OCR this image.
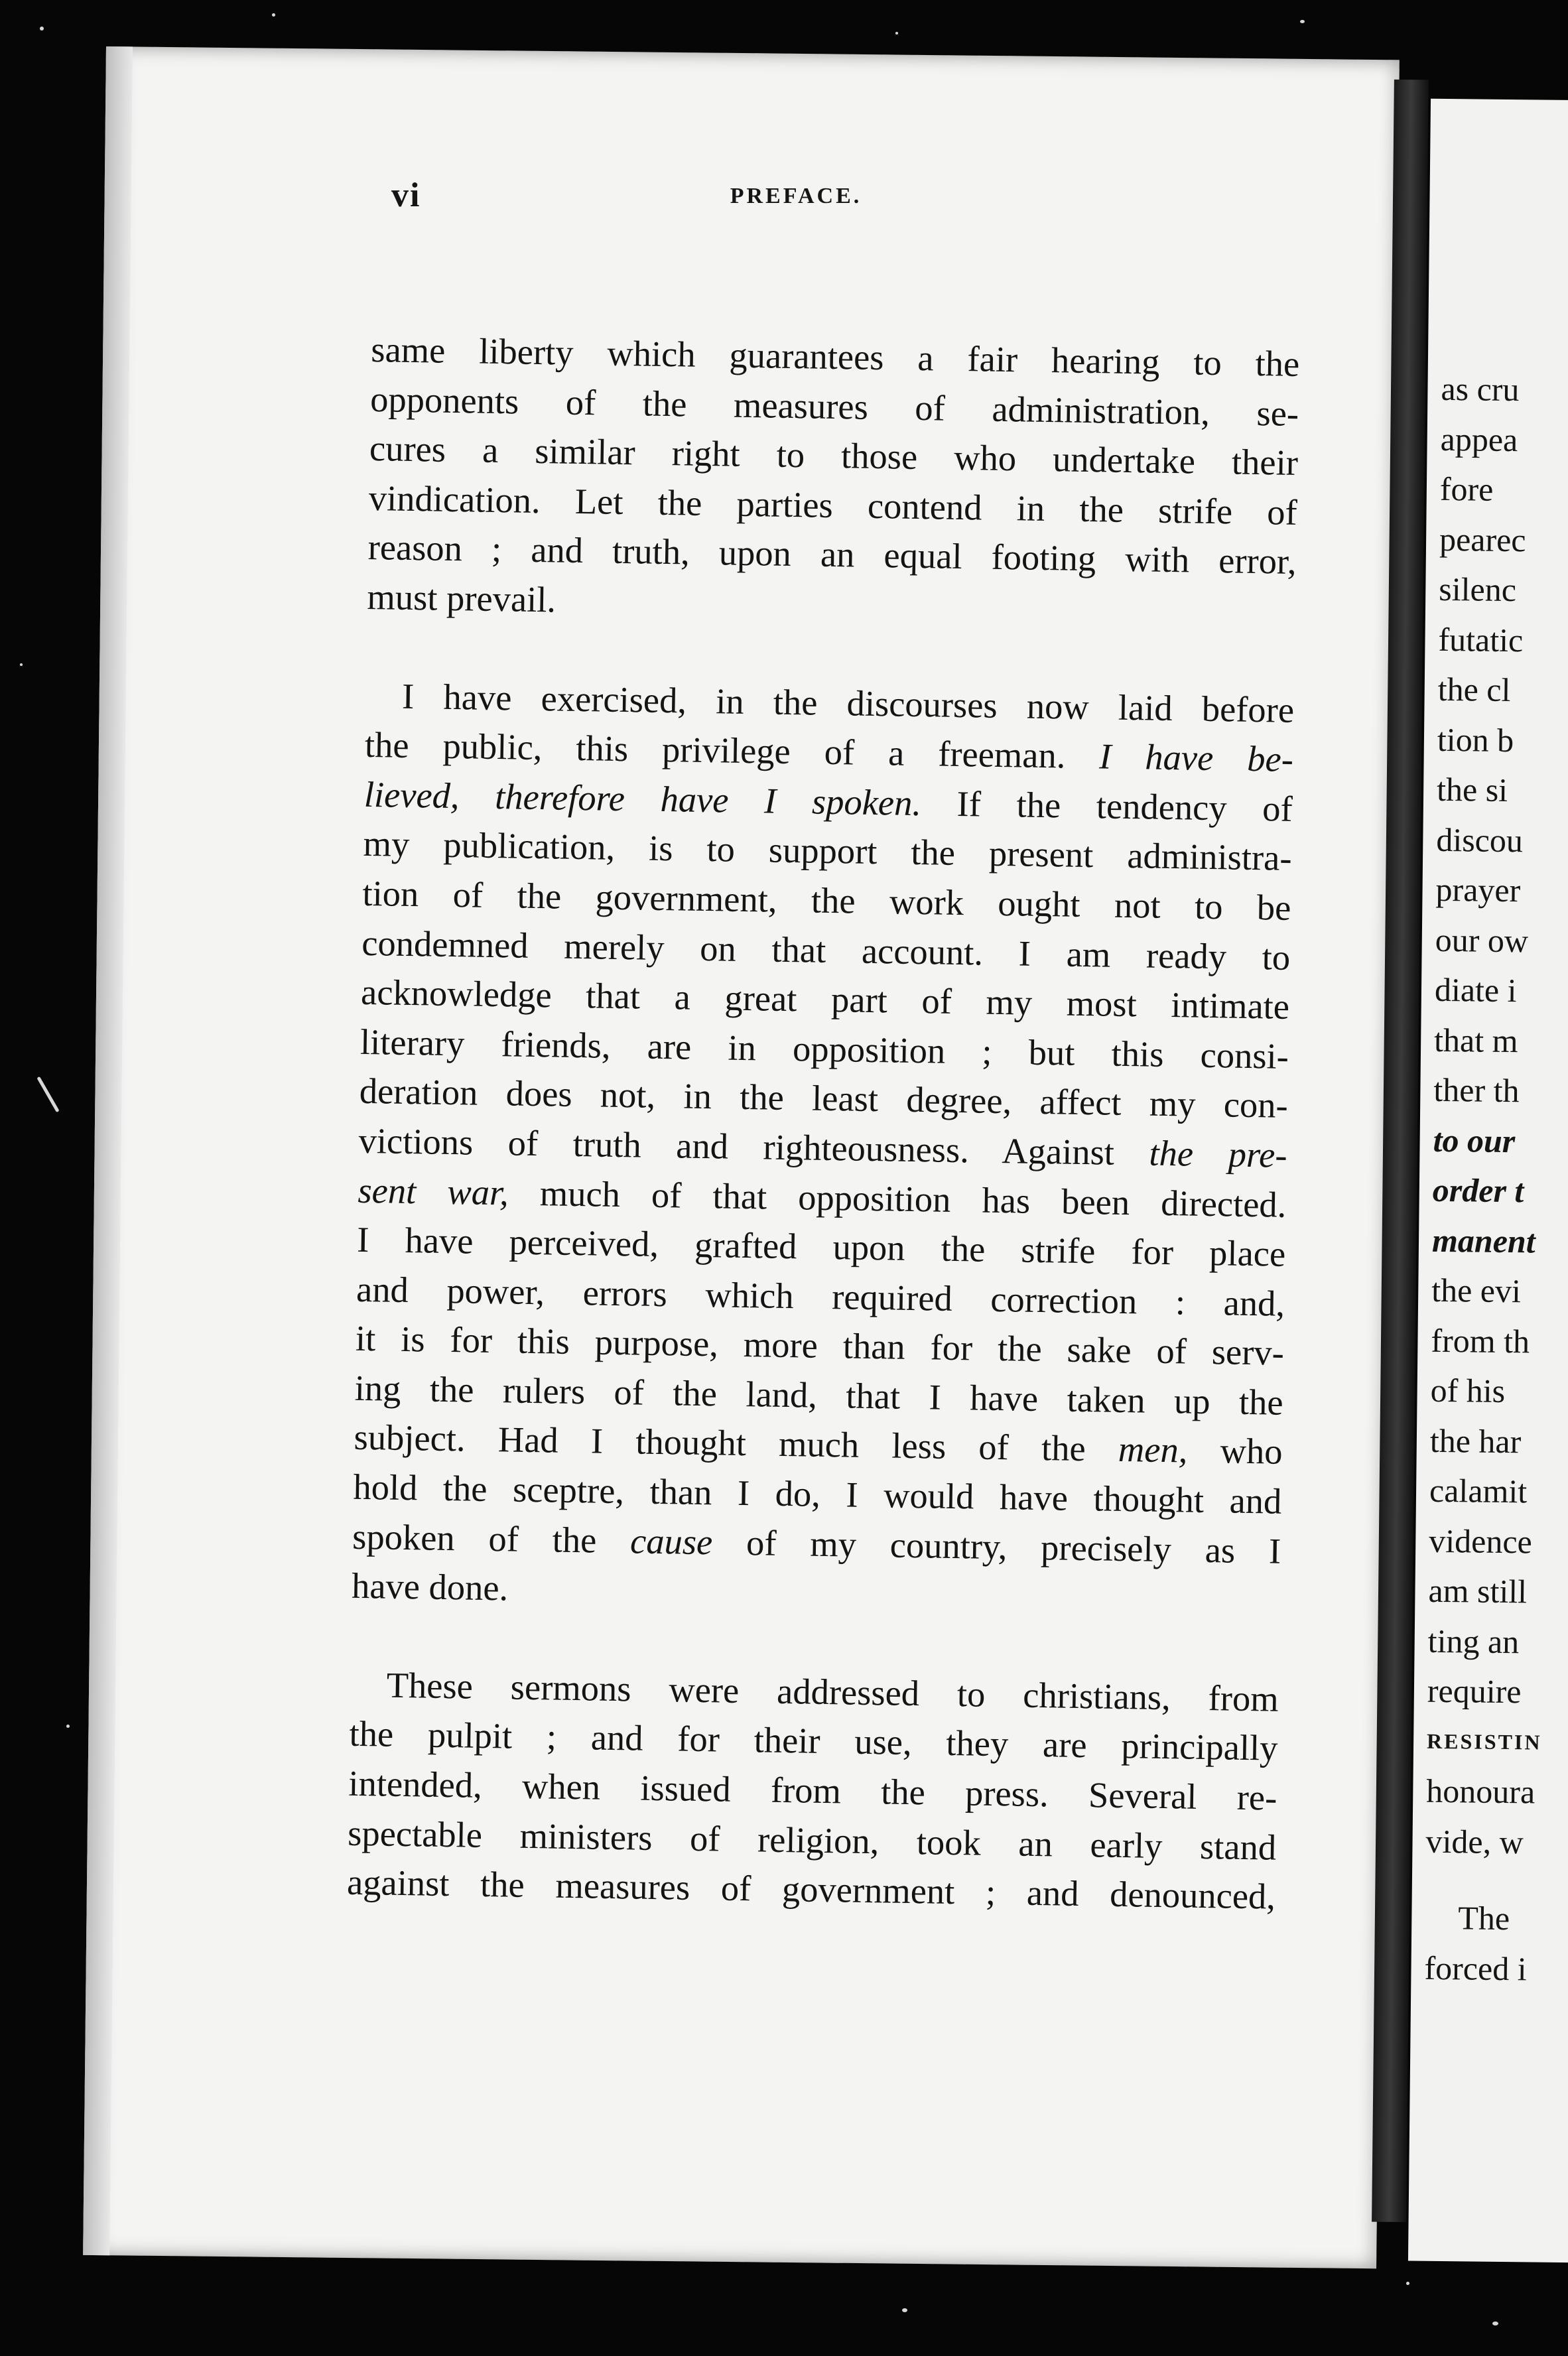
as cru
appea
fore
pearec
silenc
futatic
the cl
tion b
the si
discou
prayer
our ow
diate i
that m
ther th
to our
order t
manent
the evi
from th
of his
the har
calamit
vidence
am still
ting an
require
RESISTIN
honoura
vide, w
The
forced i
vi	PREFACE.

same liberty which guarantees a fair hearing to the
opponents of the measures of administration, se-
cures a similar right to those who undertake their
vindication. Let the parties contend in the strife of
reason ; and truth, upon an equal footing with error,
must prevail.

I have exercised, in the discourses now laid before
the public, this privilege of a freeman. I have be-
lieved, therefore have I spoken. If the tendency of
my publication, is to support the present administra-
tion of the government, the work ought not to be
condemned merely on that account. I am ready to
acknowledge that a great part of my most intimate
literary friends, are in opposition ; but this consi-
deration does not, in the least degree, affect my con-
victions of truth and righteousness. Against the pre-
sent war, much of that opposition has been directed.
I have perceived, grafted upon the strife for place
and power, errors which required correction : and,
it is for this purpose, more than for the sake of serv-
ing the rulers of the land, that I have taken up the
subject. Had I thought much less of the men, who
hold the sceptre, than I do, I would have thought and
spoken of the cause of my country, precisely as I
have done.

These sermons were addressed to christians, from
the pulpit ; and for their use, they are principally
intended, when issued from the press. Several re-
spectable ministers of religion, took an early stand
against the measures of government ; and denounced,
